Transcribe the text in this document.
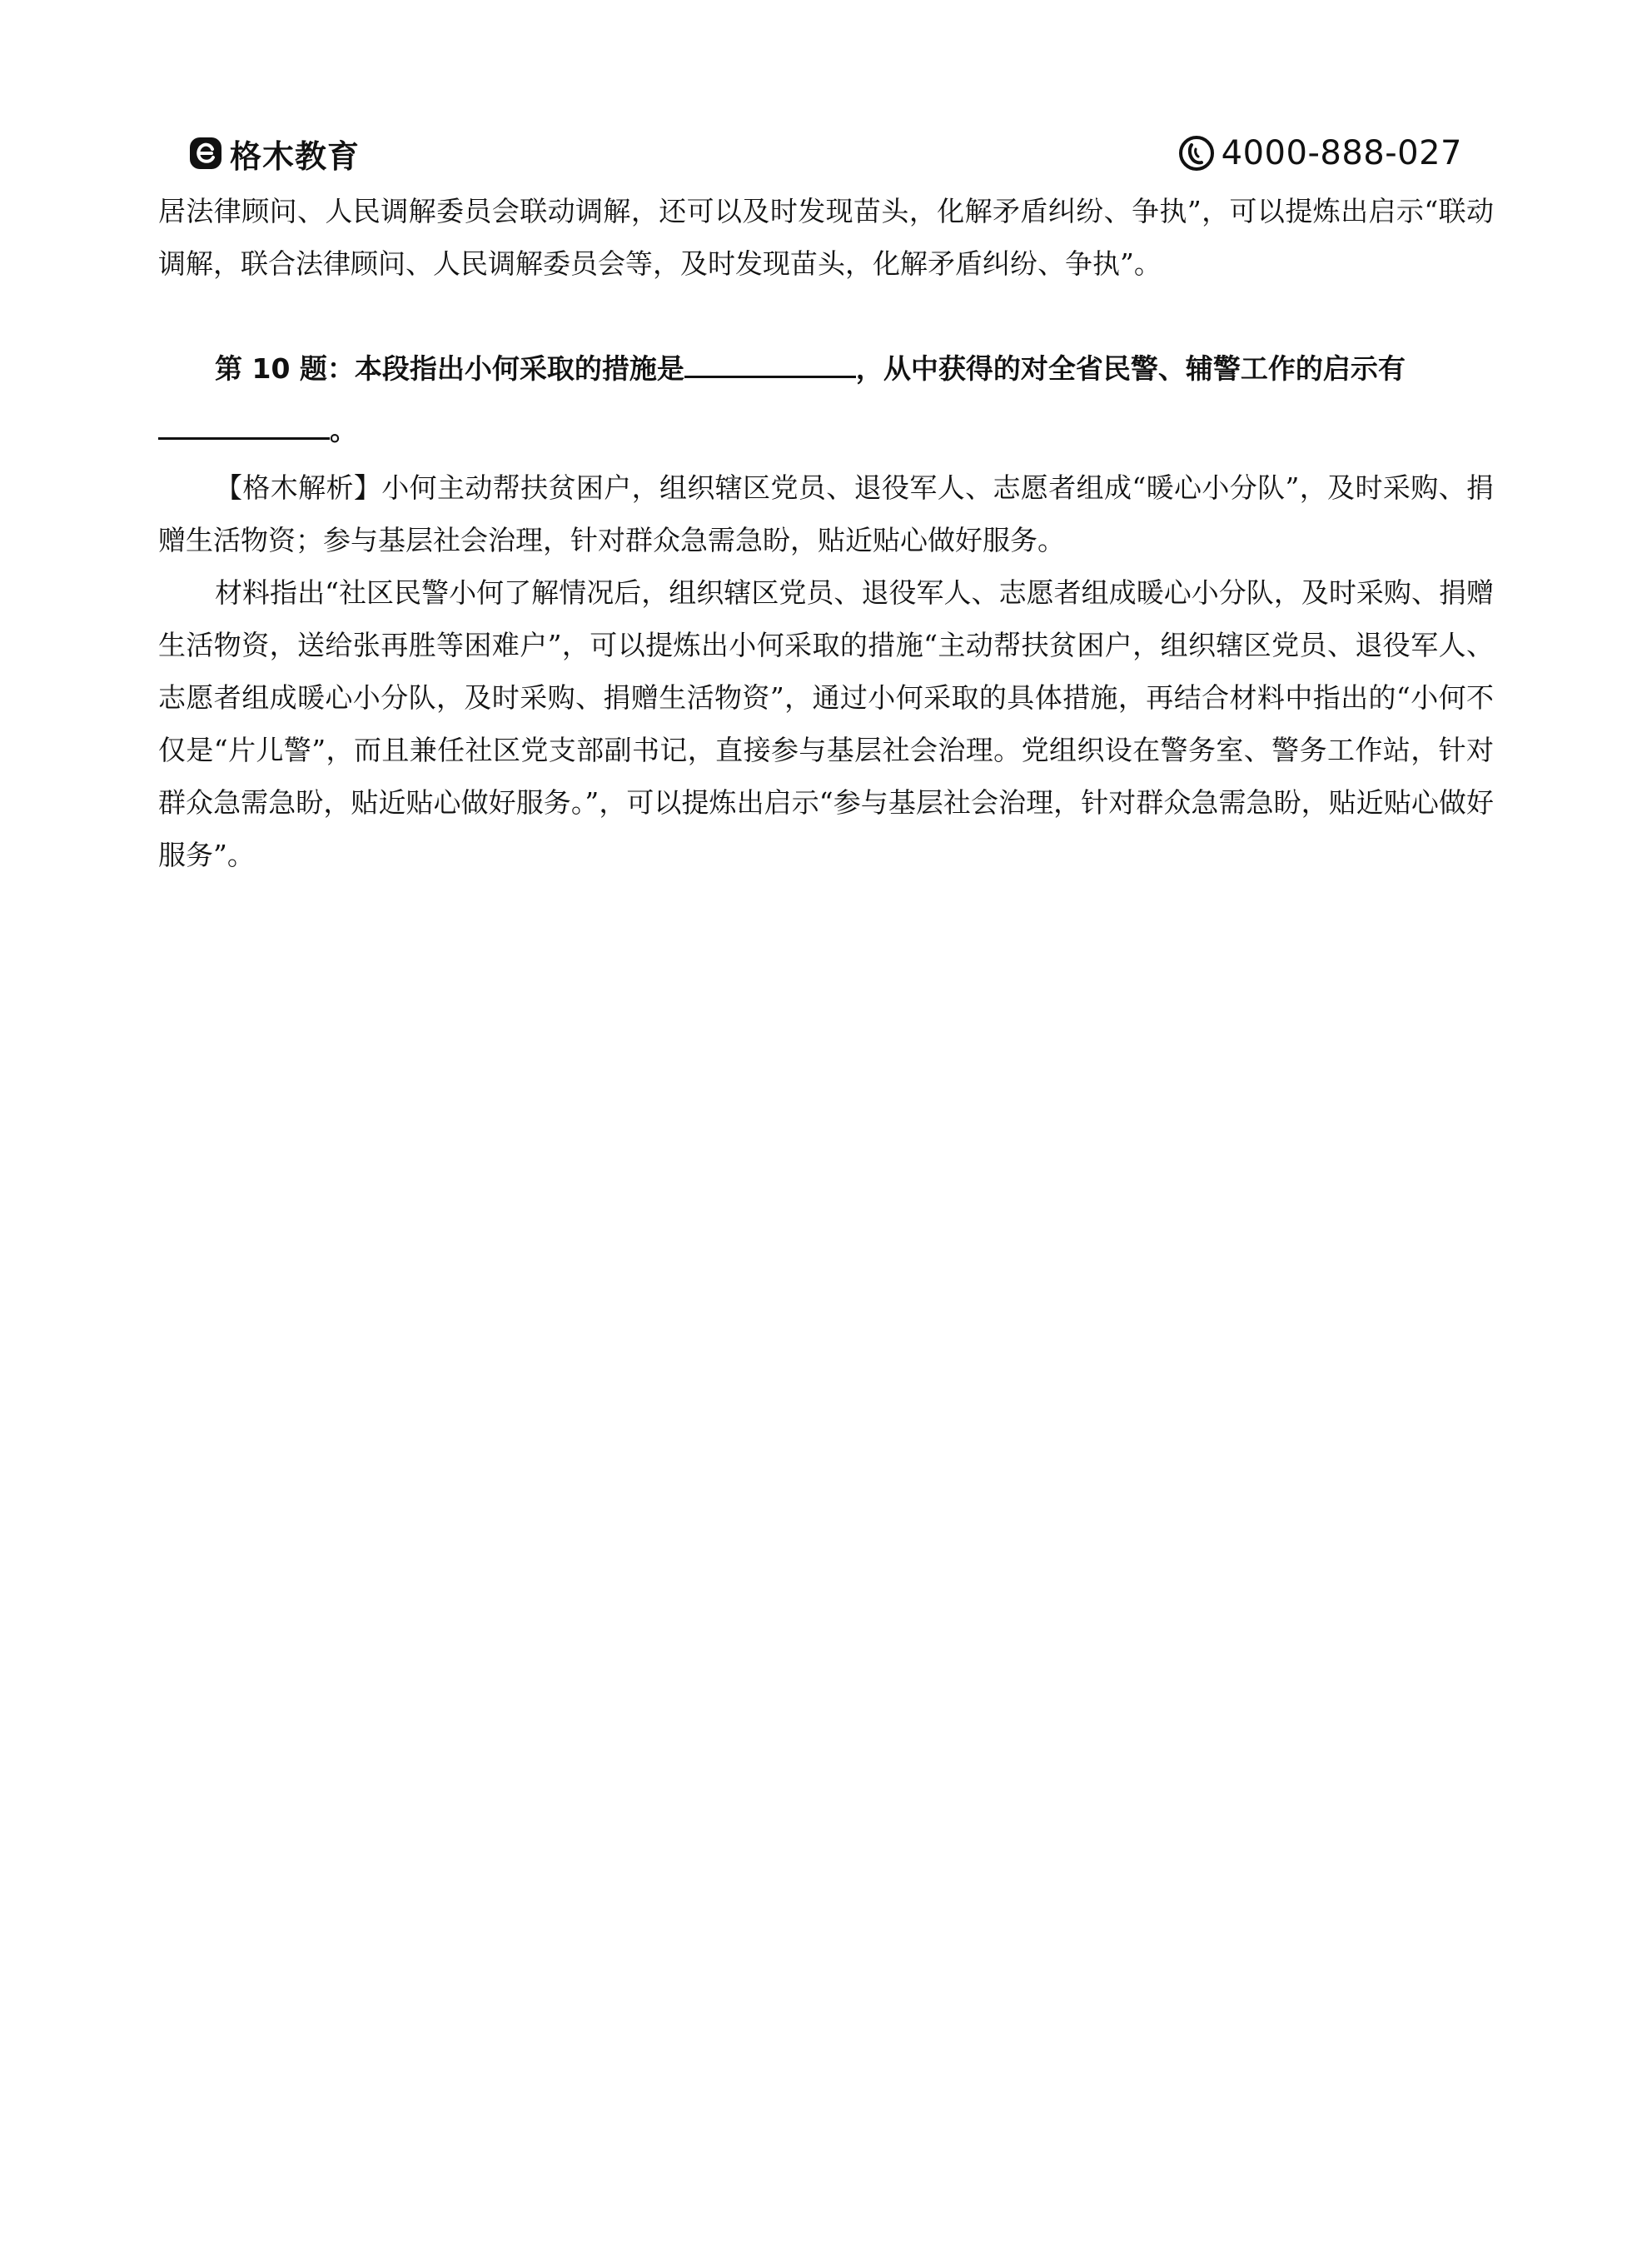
格木教育	4000-888-027

居法律顾问、人民调解委员会联动调解，还可以及时发现苗头，化解矛盾纠纷、争执”，可以提炼出启示“联动调解，联合法律顾问、人民调解委员会等，及时发现苗头，化解矛盾纠纷、争执”。

第 10 题：本段指出小何采取的措施是	，从中获得的对全省民警、辅警工作的启示有。

【格木解析】小何主动帮扶贫困户，组织辖区党员、退役军人、志愿者组成“暖心小分队”，及时采购、捐赠生活物资；参与基层社会治理，针对群众急需急盼，贴近贴心做好服务。

材料指出“社区民警小何了解情况后，组织辖区党员、退役军人、志愿者组成暖心小分队，及时采购、捐赠生活物资，送给张再胜等困难户”，可以提炼出小何采取的措施“主动帮扶贫困户，组织辖区党员、退役军人、志愿者组成暖心小分队，及时采购、捐赠生活物资”，通过小何采取的具体措施，再结合材料中指出的“小何不仅是“片儿警”，而且兼任社区党支部副书记，直接参与基层社会治理。党组织设在警务室、警务工作站，针对群众急需急盼，贴近贴心做好服务。”，可以提炼出启示“参与基层社会治理，针对群众急需急盼，贴近贴心做好服务”。
